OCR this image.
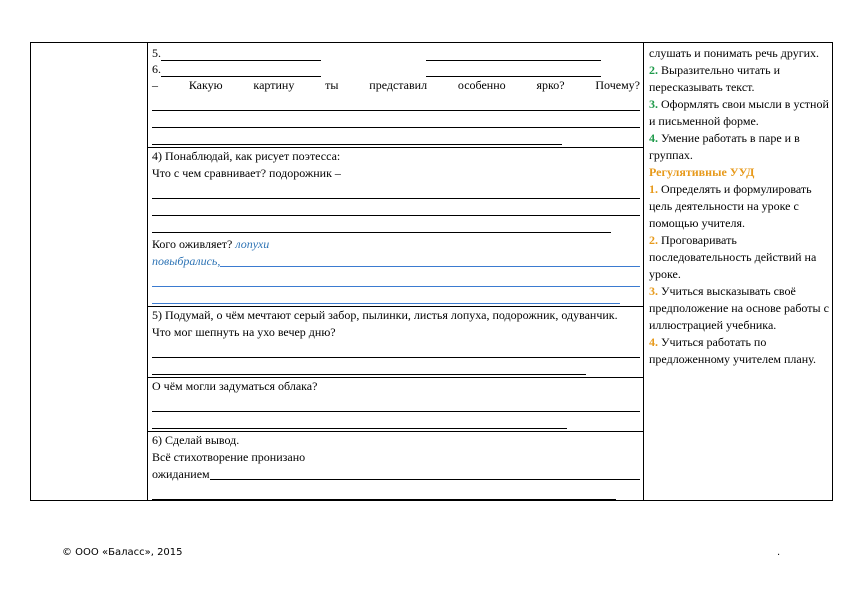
5.
6.
–	Какую	картину	ты	представил	особенно	ярко?	Почему?
4) Понаблюдай, как рисует поэтесса:
Что с чем сравнивает? подорожник –
Кого оживляет? лопухи
повыбрались,
5) Подумай, о чём мечтают серый забор, пылинки, листья лопуха, подорожник, одуванчик.
Что мог шепнуть на ухо вечер дню?
О чём могли задуматься облака?
6) Сделай вывод.
Всё стихотворение пронизано
ожиданием

слушать и понимать речь других.
2. Выразительно читать и пересказывать текст.
3. Оформлять свои мысли в устной и письменной форме.
4. Умение работать в паре и в группах.
Регулятивные УУД
1. Определять и формулировать цель деятельности на уроке с помощью учителя.
2. Проговаривать последовательность действий на уроке.
3. Учиться высказывать своё предположение на основе работы с иллюстрацией учебника.
4. Учиться работать по предложенному учителем плану.
© ООО «Баласс», 2015	.
